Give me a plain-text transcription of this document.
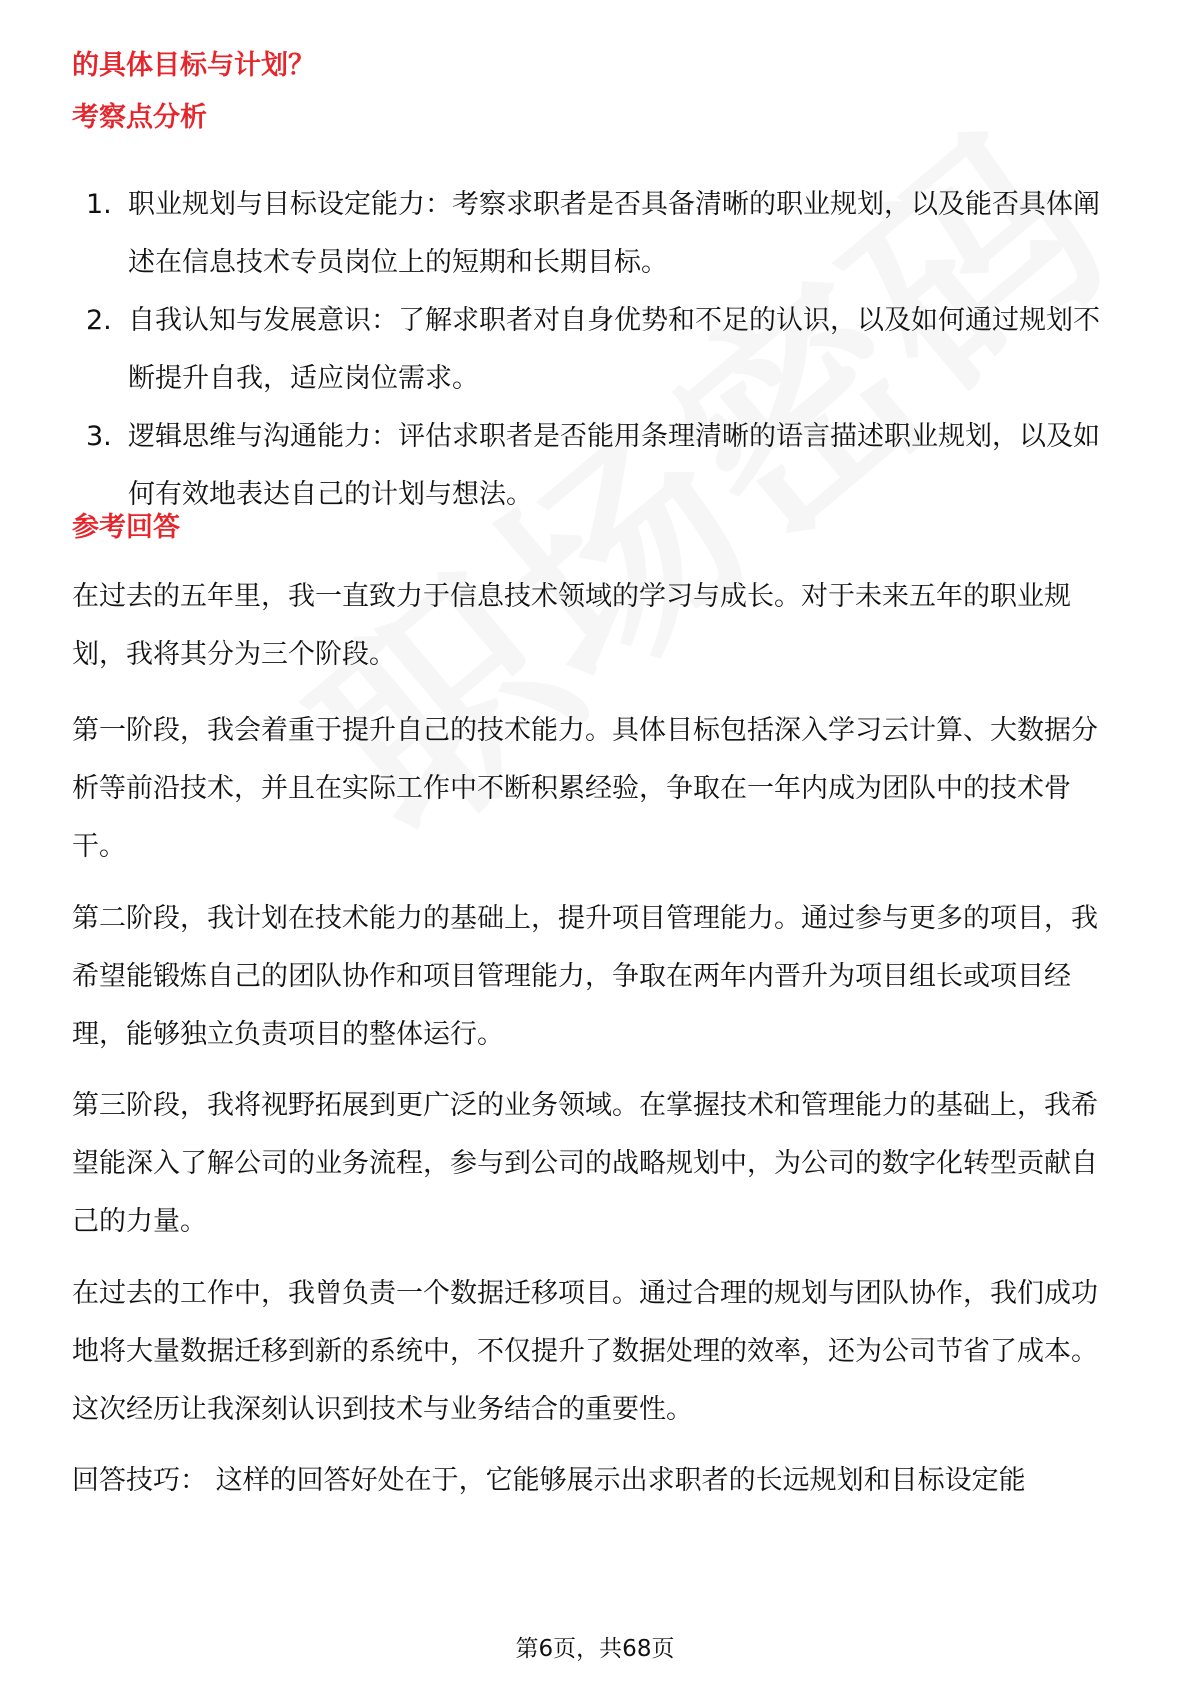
的具体目标与计划？
考察点分析
1. 职业规划与目标设定能力：考察求职者是否具备清晰的职业规划，以及能否具体阐述在信息技术专员岗位上的短期和长期目标。
2. 自我认知与发展意识：了解求职者对自身优势和不足的认识，以及如何通过规划不断提升自我，适应岗位需求。
3. 逻辑思维与沟通能力：评估求职者是否能用条理清晰的语言描述职业规划，以及如何有效地表达自己的计划与想法。
参考回答

在过去的五年里，我一直致力于信息技术领域的学习与成长。对于未来五年的职业规划，我将其分为三个阶段。

第一阶段，我会着重于提升自己的技术能力。具体目标包括深入学习云计算、大数据分析等前沿技术，并且在实际工作中不断积累经验，争取在一年内成为团队中的技术骨干。

第二阶段，我计划在技术能力的基础上，提升项目管理能力。通过参与更多的项目，我希望能锻炼自己的团队协作和项目管理能力，争取在两年内晋升为项目组长或项目经理，能够独立负责项目的整体运行。

第三阶段，我将视野拓展到更广泛的业务领域。在掌握技术和管理能力的基础上，我希望能深入了解公司的业务流程，参与到公司的战略规划中，为公司的数字化转型贡献自己的力量。

在过去的工作中，我曾负责一个数据迁移项目。通过合理的规划与团队协作，我们成功地将大量数据迁移到新的系统中，不仅提升了数据处理的效率，还为公司节省了成本。这次经历让我深刻认识到技术与业务结合的重要性。

回答技巧： 这样的回答好处在于，它能够展示出求职者的长远规划和目标设定能

第6页，共68页
